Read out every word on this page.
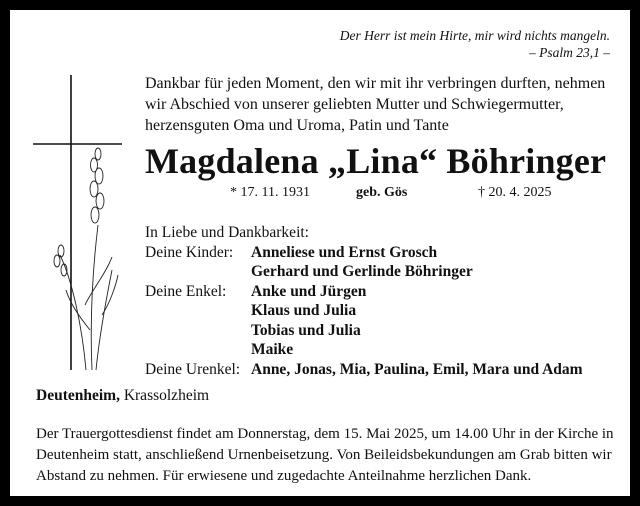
Der Herr ist mein Hirte, mir wird nichts mangeln.
– Psalm 23,1 –
Dankbar für jeden Moment, den wir mit ihr verbringen durften, nehmen wir Abschied von unserer geliebten Mutter und Schwiegermutter, herzensguten Oma und Uroma, Patin und Tante
Magdalena „Lina“ Böhringer
* 17. 11. 1931	geb. Gös	† 20. 4. 2025
In Liebe und Dankbarkeit:
Deine Kinder:	Anneliese und Ernst Grosch
Gerhard und Gerlinde Böhringer
Deine Enkel:	Anke und Jürgen
Klaus und Julia
Tobias und Julia
Maike
Deine Urenkel: Anne, Jonas, Mia, Paulina, Emil, Mara und Adam
Deutenheim, Krassolzheim
Der Trauergottesdienst findet am Donnerstag, dem 15. Mai 2025, um 14.00 Uhr in der Kirche in Deutenheim statt, anschließend Urnenbeisetzung. Von Beileidsbekundungen am Grab bitten wir Abstand zu nehmen. Für erwiesene und zugedachte Anteilnahme herzlichen Dank.
